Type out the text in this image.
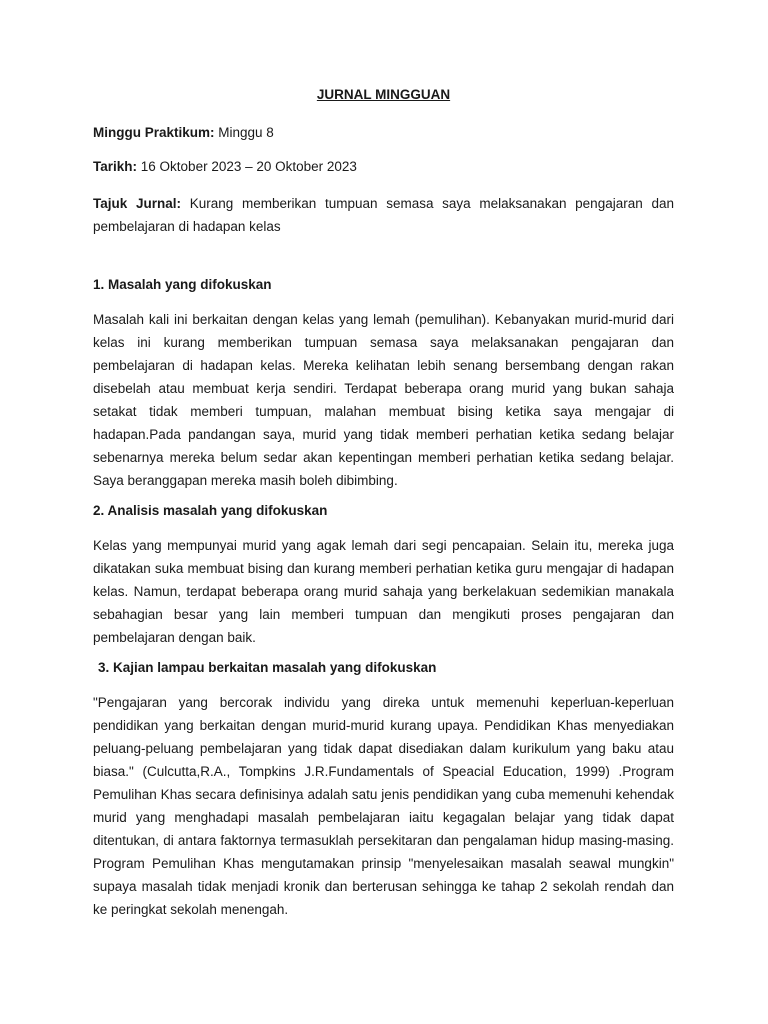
JURNAL MINGGUAN
Minggu Praktikum: Minggu 8
Tarikh: 16 Oktober 2023 – 20 Oktober 2023
Tajuk Jurnal: Kurang memberikan tumpuan semasa saya melaksanakan pengajaran dan pembelajaran di hadapan kelas
1. Masalah yang difokuskan
Masalah kali ini berkaitan dengan kelas yang lemah (pemulihan). Kebanyakan murid-murid dari kelas ini kurang memberikan tumpuan semasa saya melaksanakan pengajaran dan pembelajaran di hadapan kelas. Mereka kelihatan lebih senang bersembang dengan rakan disebelah atau membuat kerja sendiri. Terdapat beberapa orang murid yang bukan sahaja setakat tidak memberi tumpuan, malahan membuat bising ketika saya mengajar di hadapan.Pada pandangan saya, murid yang tidak memberi perhatian ketika sedang belajar sebenarnya mereka belum sedar akan kepentingan memberi perhatian ketika sedang belajar. Saya beranggapan mereka masih boleh dibimbing.
2. Analisis masalah yang difokuskan
Kelas yang mempunyai murid yang agak lemah dari segi pencapaian. Selain itu, mereka juga dikatakan suka membuat bising dan kurang memberi perhatian ketika guru mengajar di hadapan kelas. Namun, terdapat beberapa orang murid sahaja yang berkelakuan sedemikian manakala sebahagian besar yang lain memberi tumpuan dan mengikuti proses pengajaran dan pembelajaran dengan baik.
3. Kajian lampau berkaitan masalah yang difokuskan
"Pengajaran yang bercorak individu yang direka untuk memenuhi keperluan-keperluan pendidikan yang berkaitan dengan murid-murid kurang upaya. Pendidikan Khas menyediakan peluang-peluang pembelajaran yang tidak dapat disediakan dalam kurikulum yang baku atau biasa." (Culcutta,R.A., Tompkins J.R.Fundamentals of Speacial Education, 1999) .Program Pemulihan Khas secara definisinya adalah satu jenis pendidikan yang cuba memenuhi kehendak murid yang menghadapi masalah pembelajaran iaitu kegagalan belajar yang tidak dapat ditentukan, di antara faktornya termasuklah persekitaran dan pengalaman hidup masing-masing. Program Pemulihan Khas mengutamakan prinsip "menyelesaikan masalah seawal mungkin" supaya masalah tidak menjadi kronik dan berterusan sehingga ke tahap 2 sekolah rendah dan ke peringkat sekolah menengah.
